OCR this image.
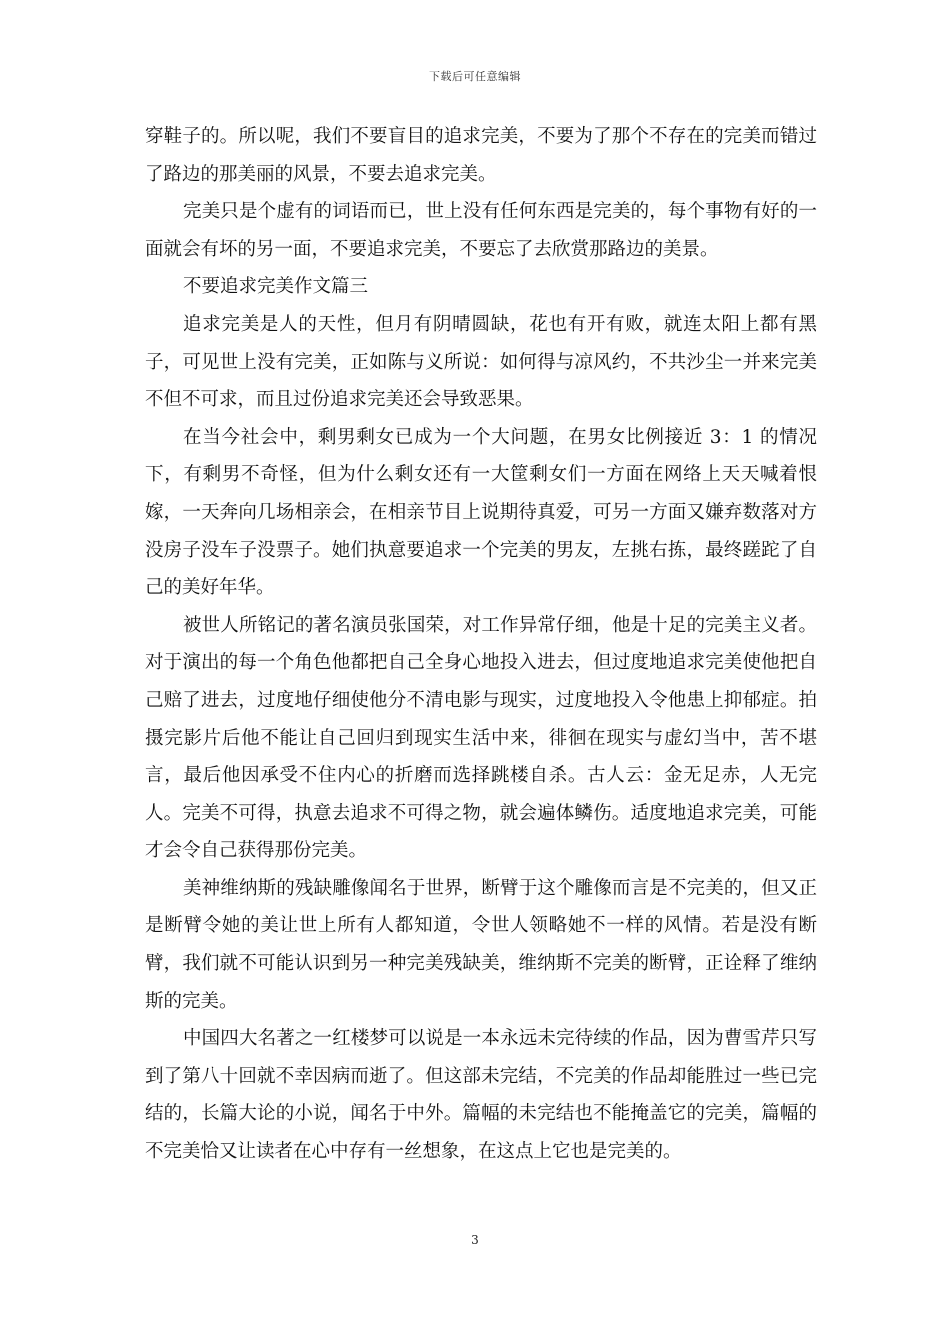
下载后可任意编辑

穿鞋子的。所以呢，我们不要盲目的追求完美，不要为了那个不存在的完美而错过了路边的那美丽的风景，不要去追求完美。

完美只是个虚有的词语而已，世上没有任何东西是完美的，每个事物有好的一面就会有坏的另一面，不要追求完美，不要忘了去欣赏那路边的美景。

不要追求完美作文篇三

追求完美是人的天性，但月有阴晴圆缺，花也有开有败，就连太阳上都有黑子，可见世上没有完美，正如陈与义所说：如何得与凉风约，不共沙尘一并来完美不但不可求，而且过份追求完美还会导致恶果。

在当今社会中，剩男剩女已成为一个大问题，在男女比例接近 3：1 的情况下，有剩男不奇怪，但为什么剩女还有一大筐剩女们一方面在网络上天天喊着恨嫁，一天奔向几场相亲会，在相亲节目上说期待真爱，可另一方面又嫌弃数落对方没房子没车子没票子。她们执意要追求一个完美的男友，左挑右拣，最终蹉跎了自己的美好年华。

被世人所铭记的著名演员张国荣，对工作异常仔细，他是十足的完美主义者。对于演出的每一个角色他都把自己全身心地投入进去，但过度地追求完美使他把自己赔了进去，过度地仔细使他分不清电影与现实，过度地投入令他患上抑郁症。拍摄完影片后他不能让自己回归到现实生活中来，徘徊在现实与虚幻当中，苦不堪言，最后他因承受不住内心的折磨而选择跳楼自杀。古人云：金无足赤，人无完人。完美不可得，执意去追求不可得之物，就会遍体鳞伤。适度地追求完美，可能才会令自己获得那份完美。

美神维纳斯的残缺雕像闻名于世界，断臂于这个雕像而言是不完美的，但又正是断臂令她的美让世上所有人都知道，令世人领略她不一样的风情。若是没有断臂，我们就不可能认识到另一种完美残缺美，维纳斯不完美的断臂，正诠释了维纳斯的完美。

中国四大名著之一红楼梦可以说是一本永远未完待续的作品，因为曹雪芹只写到了第八十回就不幸因病而逝了。但这部未完结，不完美的作品却能胜过一些已完结的，长篇大论的小说，闻名于中外。篇幅的未完结也不能掩盖它的完美，篇幅的不完美恰又让读者在心中存有一丝想象，在这点上它也是完美的。

3
